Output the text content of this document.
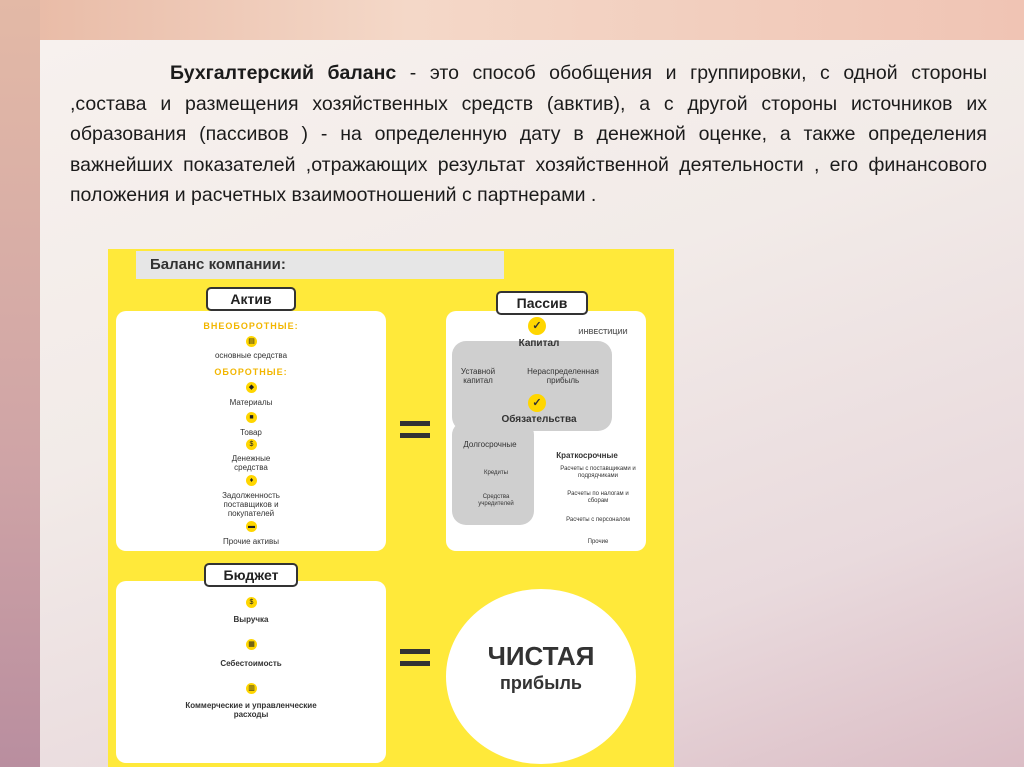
Бухгалтерский баланс - это способ обобщения и группировки, с одной стороны ,состава и размещения хозяйственных средств (авктив), а с другой стороны источников их образования (пассивов ) - на определенную дату в денежной оценке, а также определения важнейших показателей ,отражающих результат хозяйственной деятельности , его финансового положения и расчетных взаимоотношений с партнерами .
Баланс компании:
ВНЕОБОРОТНЫЕ:
▤
основные средства
ОБОРОТНЫЕ:
◆
Материалы
■
Товар
$
Денежные средства
♦
Задолженность поставщиков и покупателей
▬
Прочие активы
Актив
✓
ИНВЕСТИЦИИ
Капитал
Уставной капитал
Нераспределенная прибыль
✓
Обязательства
Долгосрочные
Кредиты
Средства учредителей
Краткосрочные
Расчеты с поставщиками и подрядчиками
Расчеты по налогам и сборам
Расчеты с персоналом
Прочие
Пассив
$
Выручка
▦
Себестоимость
▥
Коммерческие и управленческие расходы
Бюджет
ЧИСТАЯ
прибыль
